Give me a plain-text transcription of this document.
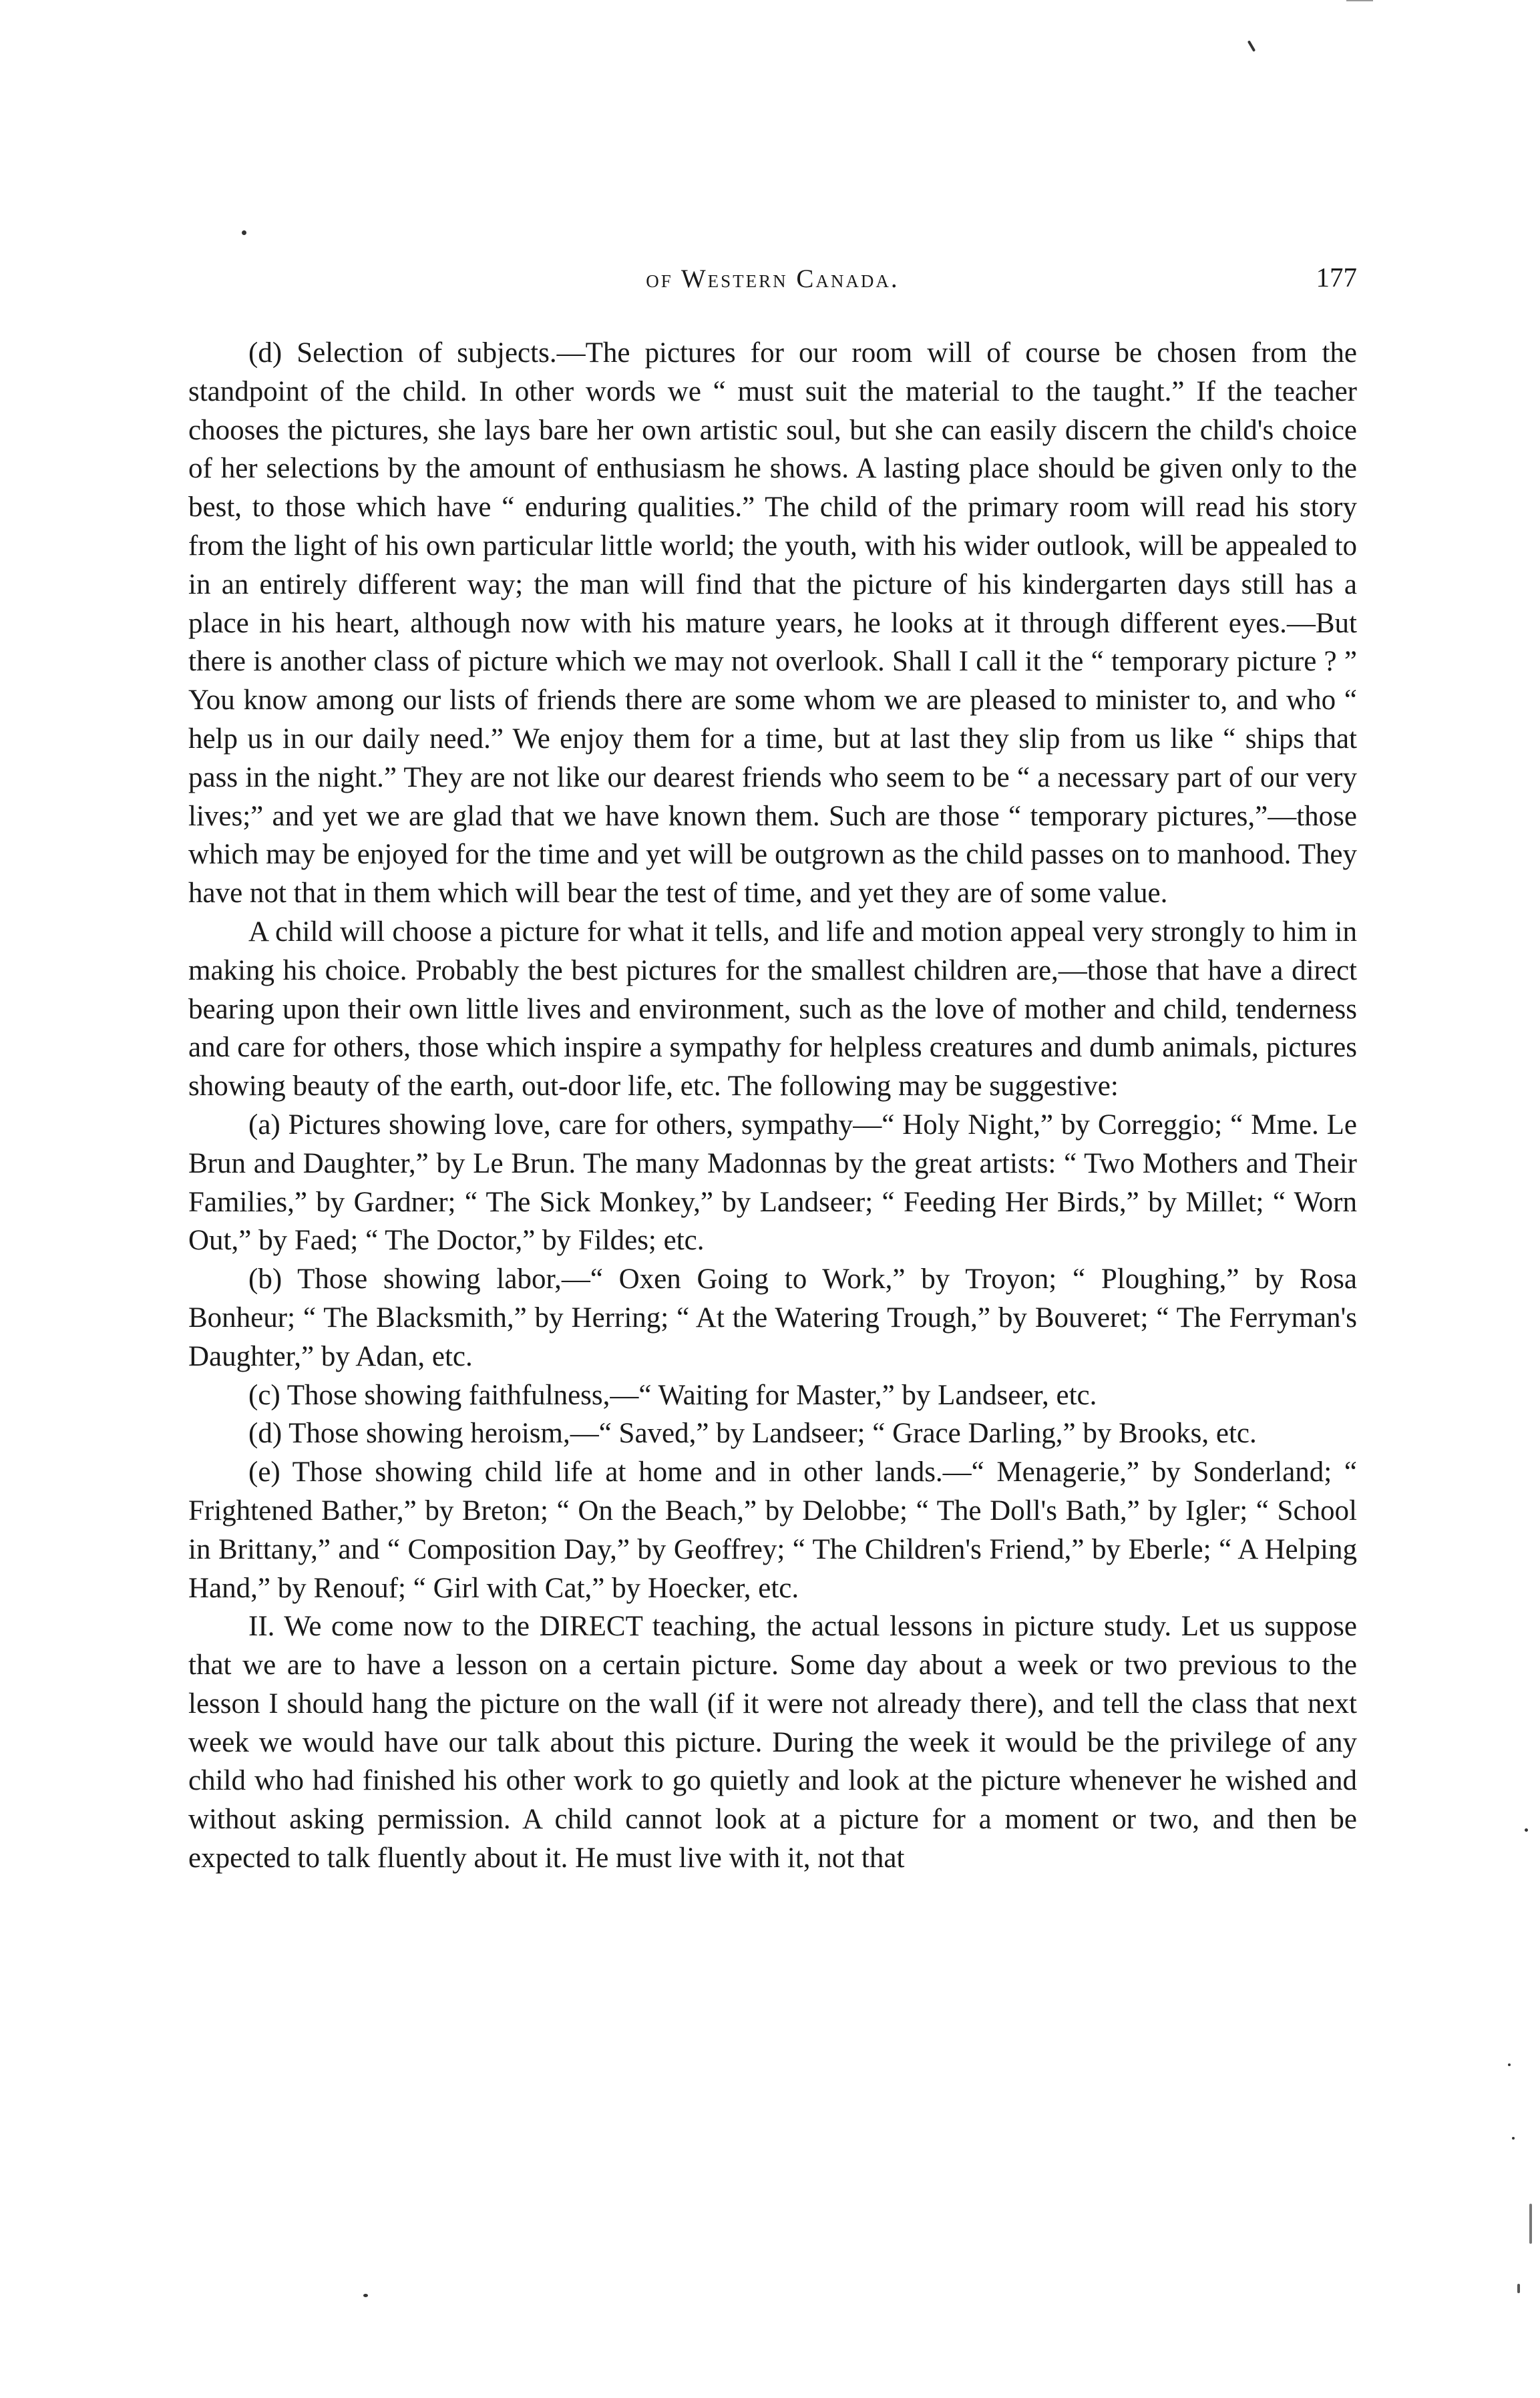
of Western Canada.	177

(d) Selection of subjects.—The pictures for our room will of course be chosen from the standpoint of the child. In other words we “ must suit the material to the taught.” If the teacher chooses the pictures, she lays bare her own artistic soul, but she can easily discern the child's choice of her selections by the amount of enthusiasm he shows. A lasting place should be given only to the best, to those which have “ enduring qualities.” The child of the primary room will read his story from the light of his own particular little world; the youth, with his wider outlook, will be appealed to in an entirely different way; the man will find that the picture of his kindergarten days still has a place in his heart, although now with his mature years, he looks at it through different eyes.—But there is another class of picture which we may not overlook. Shall I call it the “ temporary picture ? ” You know among our lists of friends there are some whom we are pleased to minister to, and who “ help us in our daily need.” We enjoy them for a time, but at last they slip from us like “ ships that pass in the night.” They are not like our dearest friends who seem to be “ a necessary part of our very lives;” and yet we are glad that we have known them. Such are those “ temporary pictures,”—those which may be enjoyed for the time and yet will be outgrown as the child passes on to manhood. They have not that in them which will bear the test of time, and yet they are of some value.

A child will choose a picture for what it tells, and life and motion appeal very strongly to him in making his choice. Probably the best pictures for the smallest children are,—those that have a direct bearing upon their own little lives and environment, such as the love of mother and child, tenderness and care for others, those which inspire a sympathy for helpless creatures and dumb animals, pictures showing beauty of the earth, out-door life, etc. The following may be suggestive:

(a) Pictures showing love, care for others, sympathy—“ Holy Night,” by Correggio; “ Mme. Le Brun and Daughter,” by Le Brun. The many Madonnas by the great artists: “ Two Mothers and Their Families,” by Gardner; “ The Sick Monkey,” by Landseer; “ Feeding Her Birds,” by Millet; “ Worn Out,” by Faed; “ The Doctor,” by Fildes; etc.

(b) Those showing labor,—“ Oxen Going to Work,” by Troyon; “ Ploughing,” by Rosa Bonheur; “ The Blacksmith,” by Herring; “ At the Watering Trough,” by Bouveret; “ The Ferryman's Daughter,” by Adan, etc.

(c) Those showing faithfulness,—“ Waiting for Master,” by Landseer, etc.

(d) Those showing heroism,—“ Saved,” by Landseer; “ Grace Darling,” by Brooks, etc.

(e) Those showing child life at home and in other lands.—“ Menagerie,” by Sonderland; “ Frightened Bather,” by Breton; “ On the Beach,” by Delobbe; “ The Doll's Bath,” by Igler; “ School in Brittany,” and “ Composition Day,” by Geoffrey; “ The Children's Friend,” by Eberle; “ A Helping Hand,” by Renouf; “ Girl with Cat,” by Hoecker, etc.

II. We come now to the DIRECT teaching, the actual lessons in picture study. Let us suppose that we are to have a lesson on a certain picture. Some day about a week or two previous to the lesson I should hang the picture on the wall (if it were not already there), and tell the class that next week we would have our talk about this picture. During the week it would be the privilege of any child who had finished his other work to go quietly and look at the picture whenever he wished and without asking permission. A child cannot look at a picture for a moment or two, and then be expected to talk fluently about it. He must live with it, not that
